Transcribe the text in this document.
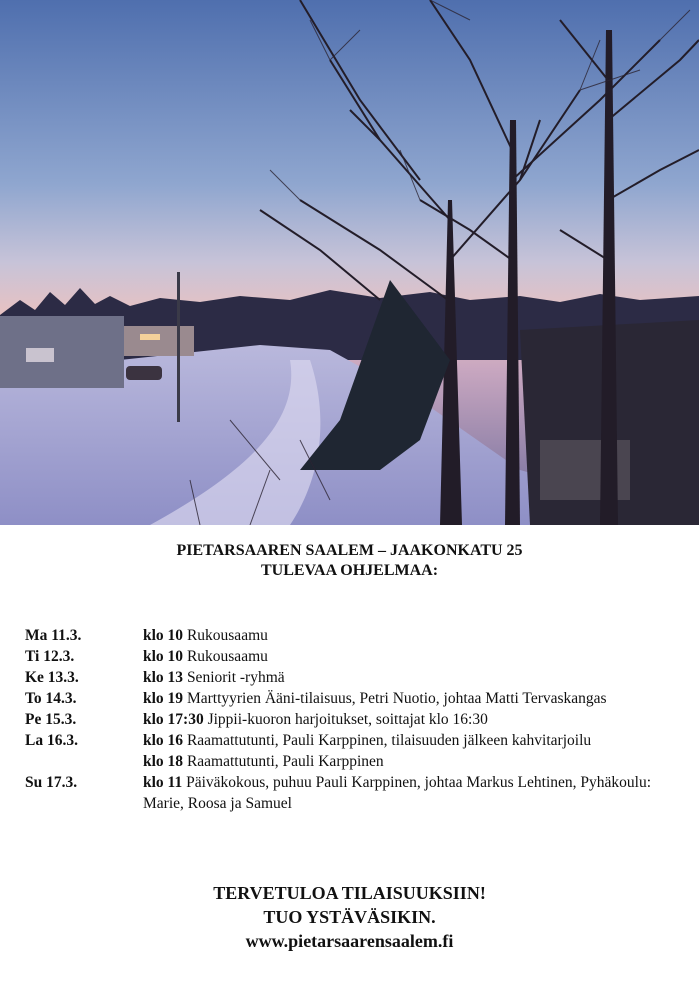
PIETARSAAREN SAALEM – JAAKONKATU 25
TULEVAA OHJELMAA:
Ma 11.3.	klo 10 Rukousaamu
Ti 12.3.	klo 10 Rukousaamu
Ke 13.3.	klo 13 Seniorit -ryhmä
To 14.3.	klo 19 Marttyyrien Ääni-tilaisuus, Petri Nuotio, johtaa Matti Tervaskangas
Pe 15.3.	klo 17:30 Jippii-kuoron harjoitukset, soittajat klo 16:30
La 16.3.	klo 16 Raamattutunti, Pauli Karppinen, tilaisuuden jälkeen kahvitarjoilu
klo 18 Raamattutunti, Pauli Karppinen
Su 17.3.	klo 11 Päiväkokous, puhuu Pauli Karppinen, johtaa Markus Lehtinen, Pyhäkoulu: Marie, Roosa ja Samuel
TERVETULOA TILAISUUKSIIN!
TUO YSTÄVÄSIKIN.
www.pietarsaarensaalem.fi
